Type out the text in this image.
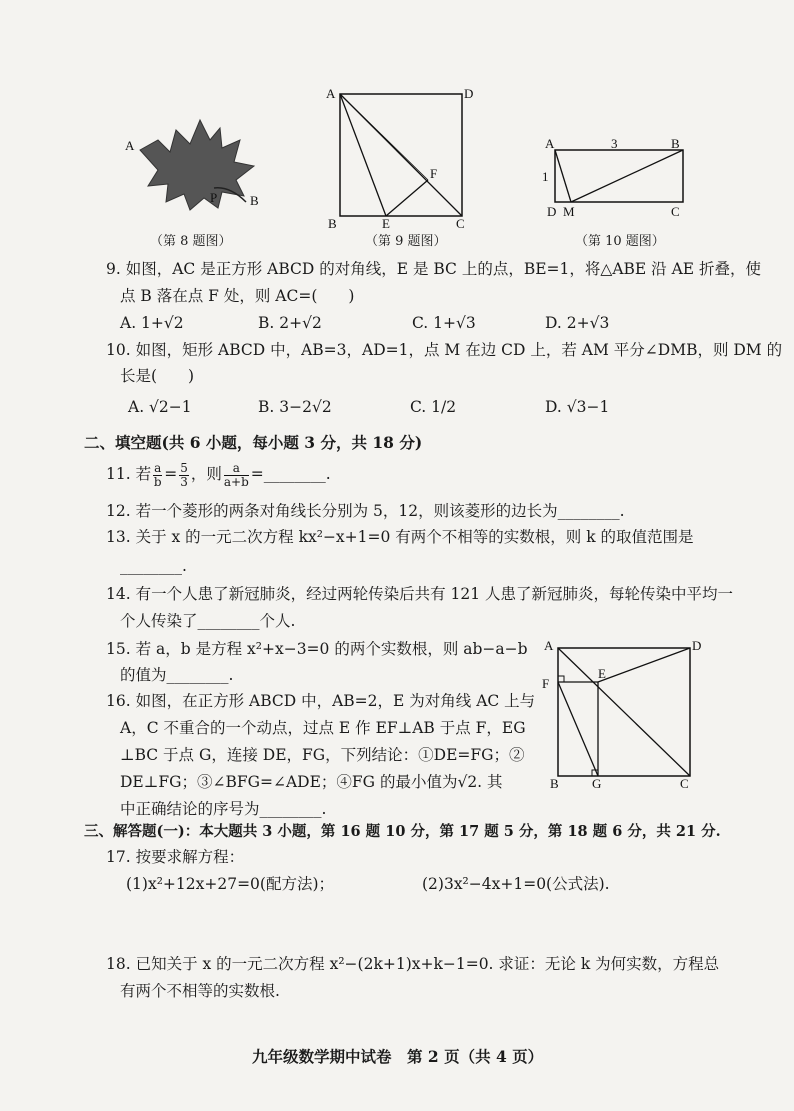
A
P	B
（第 8 题图）
A	D
B	E	C
F
（第 9 题图）
A	3	B
1
D M	C
（第 10 题图）
9. 如图，AC 是正方形 ABCD 的对角线，E 是 BC 上的点，BE=1，将△ABE 沿 AE 折叠，使
点 B 落在点 F 处，则 AC=(　　)
A. 1+√2	B. 2+√2	C. 1+√3	D. 2+√3
10. 如图，矩形 ABCD 中，AB=3，AD=1，点 M 在边 CD 上，若 AM 平分∠DMB，则 DM 的
长是(　　)
A. √2−1	B. 3−2√2	C. 1/2	D. √3−1
二、填空题(共 6 小题，每小题 3 分，共 18 分)
11. 若 $\frac{a}{b} = \frac{5}{3}$ ，则 $\frac{a}{a+b}$ =________.
12. 若一个菱形的两条对角线长分别为 5，12，则该菱形的边长为________.
13. 关于 x 的一元二次方程 kx²−x+1=0 有两个不相等的实数根，则 k 的取值范围是
________.
14. 有一个人患了新冠肺炎，经过两轮传染后共有 121 人患了新冠肺炎，每轮传染中平均一
个人传染了________个人.
15. 若 a，b 是方程 x²+x−3=0 的两个实数根，则 ab−a−b
的值为________.
16. 如图，在正方形 ABCD 中，AB=2，E 为对角线 AC 上与
A，C 不重合的一个动点，过点 E 作 EF⊥AB 于点 F，EG
⊥BC 于点 G，连接 DE，FG，下列结论：①DE=FG；②
DE⊥FG；③∠BFG=∠ADE；④FG 的最小值为√2. 其
中正确结论的序号为________.
A	D
F
E
B	G	C
三、解答题(一)：本大题共 3 小题，第 16 题 10 分，第 17 题 5 分，第 18 题 6 分，共 21 分.
17. 按要求解方程：
(1)x²+12x+27=0(配方法)；	(2)3x²−4x+1=0(公式法).
18. 已知关于 x 的一元二次方程 x²−(2k+1)x+k−1=0. 求证：无论 k 为何实数，方程总
有两个不相等的实数根.
九年级数学期中试卷　第 2 页（共 4 页）
